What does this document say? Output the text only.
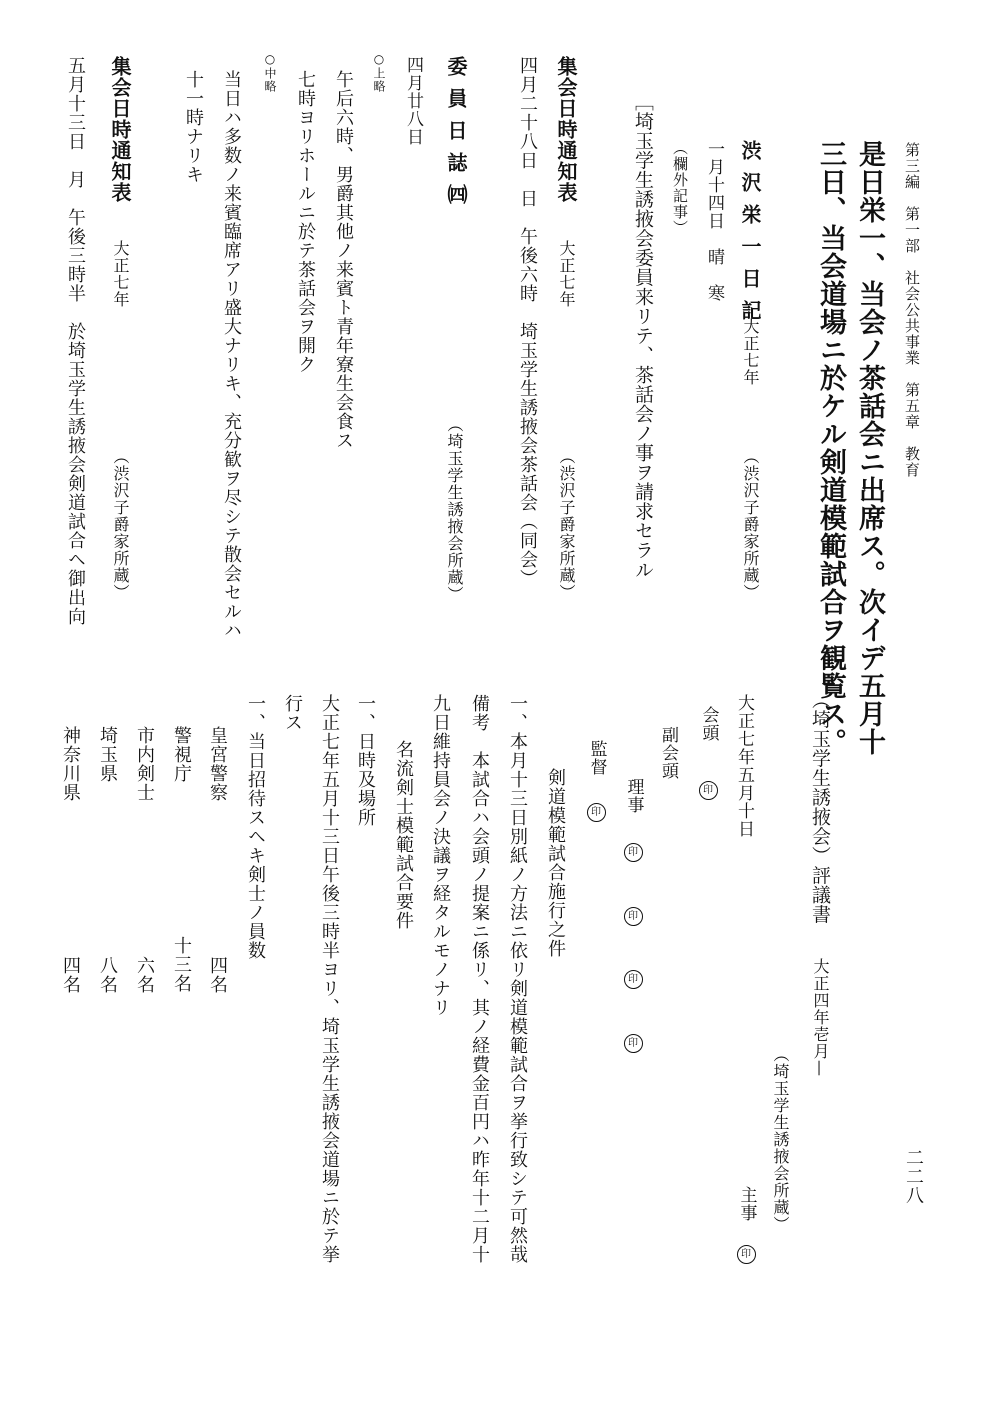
第三編　第一部　社会公共事業　第五章　教育
是日栄一、当会ノ茶話会ニ出席ス。次イデ五月十
三日、当会道場ニ於ケル剣道模範試合ヲ観覧ス。
渋沢栄一日記
大正七年
（渋沢子爵家所蔵）
一月十四日　晴　寒
（欄外記事）
［埼玉学生誘掖会委員来リテ、茶話会ノ事ヲ請求セラル
集会日時通知表
大正七年
（渋沢子爵家所蔵）
四月二十八日　日　午後六時　埼玉学生誘掖会茶話会（同会）
委員日誌㈣
（埼玉学生誘掖会所蔵）
四月廿八日
○上略
午后六時、男爵其他ノ来賓ト青年寮生会食ス
七時ヨリホールニ於テ茶話会ヲ開ク
○中略
当日ハ多数ノ来賓臨席アリ盛大ナリキ、充分歓ヲ尽シテ散会セルハ
十一時ナリキ
集会日時通知表
大正七年
（渋沢子爵家所蔵）
五月十三日　月　午後三時半　於埼玉学生誘掖会剣道試合ヘ御出向
二二八
（埼玉学生誘掖会）評議書
大正四年壱月—
（埼玉学生誘掖会所蔵）
大正七年五月十日
会頭  印
主事  印
副会頭
理事  印  印  印  印
監督  印
剣道模範試合施行之件
一、本月十三日別紙ノ方法ニ依リ剣道模範試合ヲ挙行致シテ可然哉
備考　本試合ハ会頭ノ提案ニ係リ、其ノ経費金百円ハ昨年十二月十
九日維持員会ノ決議ヲ経タルモノナリ
名流剣士模範試合要件
一、日時及場所
大正七年五月十三日午後三時半ヨリ、埼玉学生誘掖会道場ニ於テ挙
行ス
一、当日招待スヘキ剣士ノ員数
皇宮警察
四名
警視庁
十三名
市内剣士
六名
埼玉県
八名
神奈川県
四名
